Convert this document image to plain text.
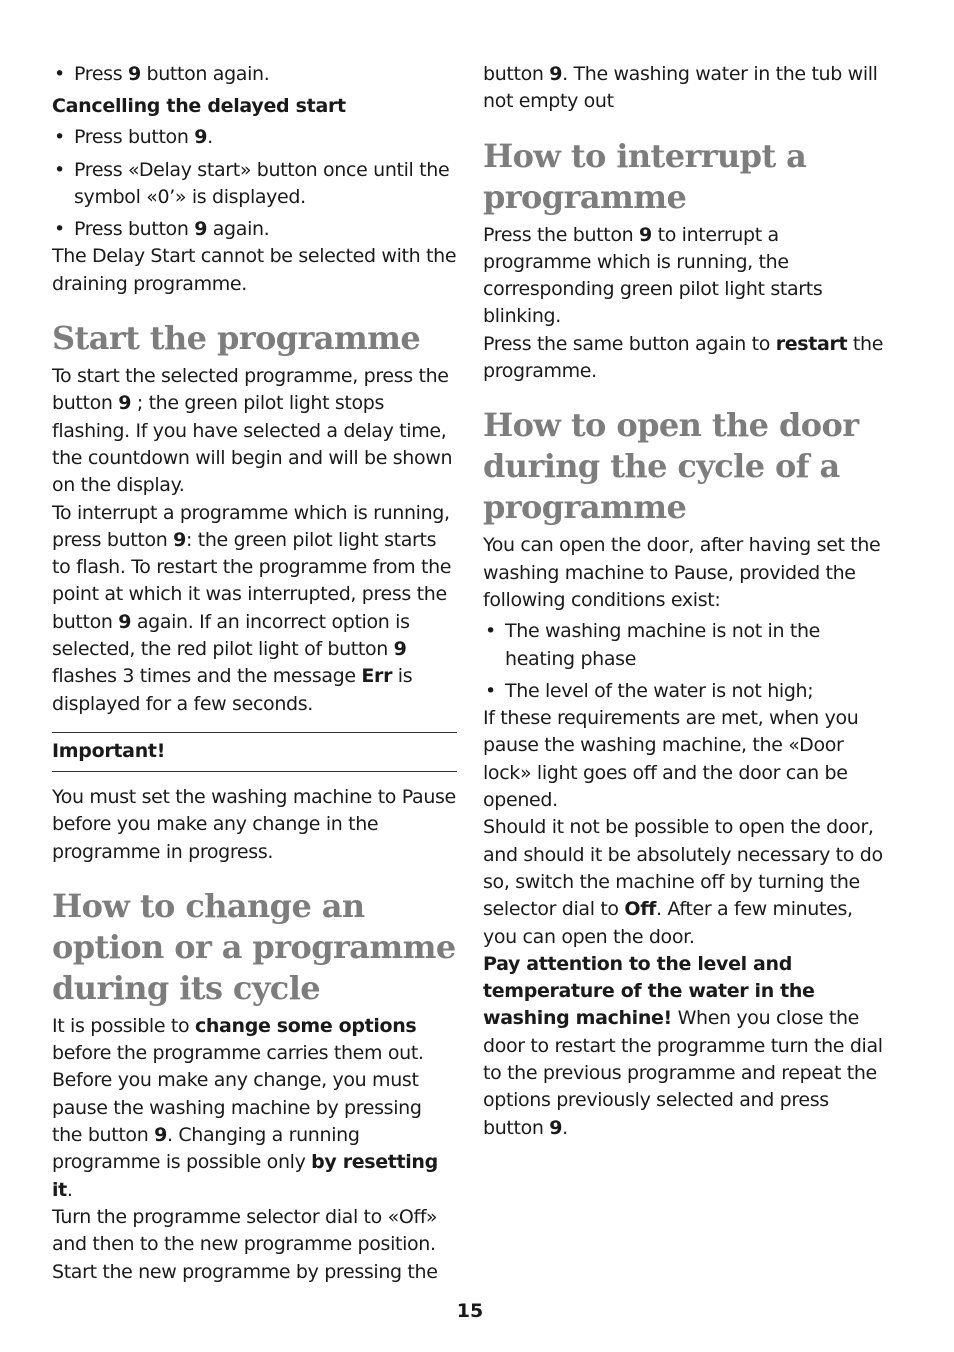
• Press 9 button again.

Cancelling the delayed start

• Press button 9.
• Press «Delay start» button once until the symbol «0’» is displayed.
• Press button 9 again.

The Delay Start cannot be selected with the draining programme.

Start the programme

To start the selected programme, press the button 9 ; the green pilot light stops flashing. If you have selected a delay time, the countdown will begin and will be shown on the display.

To interrupt a programme which is running, press button 9: the green pilot light starts to flash. To restart the programme from the point at which it was interrupted, press the button 9 again. If an incorrect option is selected, the red pilot light of button 9 flashes 3 times and the message Err is displayed for a few seconds.

Important!

You must set the washing machine to Pause before you make any change in the programme in progress.

How to change an option or a programme during its cycle

It is possible to change some options before the programme carries them out. Before you make any change, you must pause the washing machine by pressing the button 9. Changing a running programme is possible only by resetting it.

Turn the programme selector dial to «Off» and then to the new programme position. Start the new programme by pressing the

button 9. The washing water in the tub will not empty out

How to interrupt a programme

Press the button 9 to interrupt a programme which is running, the corresponding green pilot light starts blinking.

Press the same button again to restart the programme.

How to open the door during the cycle of a programme

You can open the door, after having set the washing machine to Pause, provided the following conditions exist:

• The washing machine is not in the heating phase
• The level of the water is not high;

If these requirements are met, when you pause the washing machine, the «Door lock» light goes off and the door can be opened.

Should it not be possible to open the door, and should it be absolutely necessary to do so, switch the machine off by turning the selector dial to Off. After a few minutes, you can open the door.

Pay attention to the level and temperature of the water in the washing machine! When you close the door to restart the programme turn the dial to the previous programme and repeat the options previously selected and press button 9.

15
